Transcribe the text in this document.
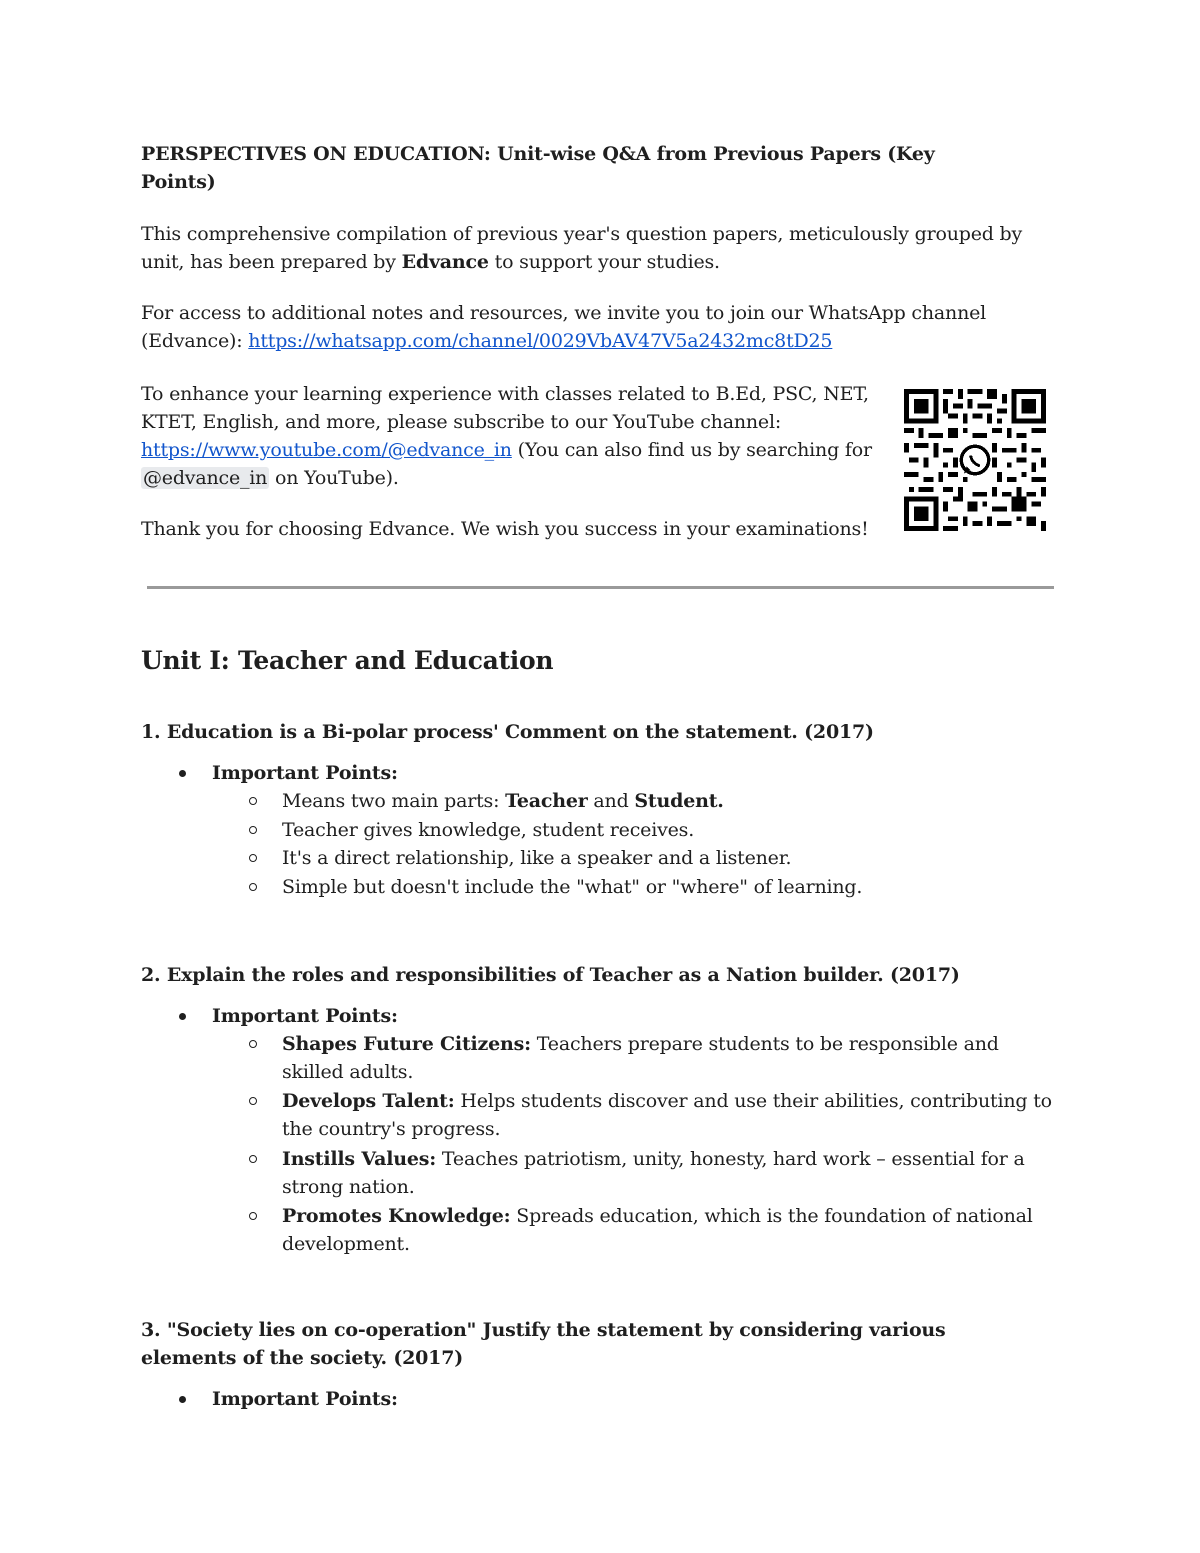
PERSPECTIVES ON EDUCATION: Unit-wise Q&A from Previous Papers (Key Points)

This comprehensive compilation of previous year's question papers, meticulously grouped by unit, has been prepared by Edvance to support your studies.

For access to additional notes and resources, we invite you to join our WhatsApp channel (Edvance): https://whatsapp.com/channel/0029VbAV47V5a2432mc8tD25

To enhance your learning experience with classes related to B.Ed, PSC, NET, KTET, English, and more, please subscribe to our YouTube channel: https://www.youtube.com/@edvance_in (You can also find us by searching for @edvance_in on YouTube).

Thank you for choosing Edvance. We wish you success in your examinations!

Unit I: Teacher and Education

1. Education is a Bi-polar process' Comment on the statement. (2017)

Important Points:

Means two main parts: Teacher and Student.

Teacher gives knowledge, student receives.

It's a direct relationship, like a speaker and a listener.

Simple but doesn't include the "what" or "where" of learning.

2. Explain the roles and responsibilities of Teacher as a Nation builder. (2017)

Important Points:

Shapes Future Citizens: Teachers prepare students to be responsible and skilled adults.

Develops Talent: Helps students discover and use their abilities, contributing to the country's progress.

Instills Values: Teaches patriotism, unity, honesty, hard work – essential for a strong nation.

Promotes Knowledge: Spreads education, which is the foundation of national development.

3. "Society lies on co-operation" Justify the statement by considering various elements of the society. (2017)

Important Points:
